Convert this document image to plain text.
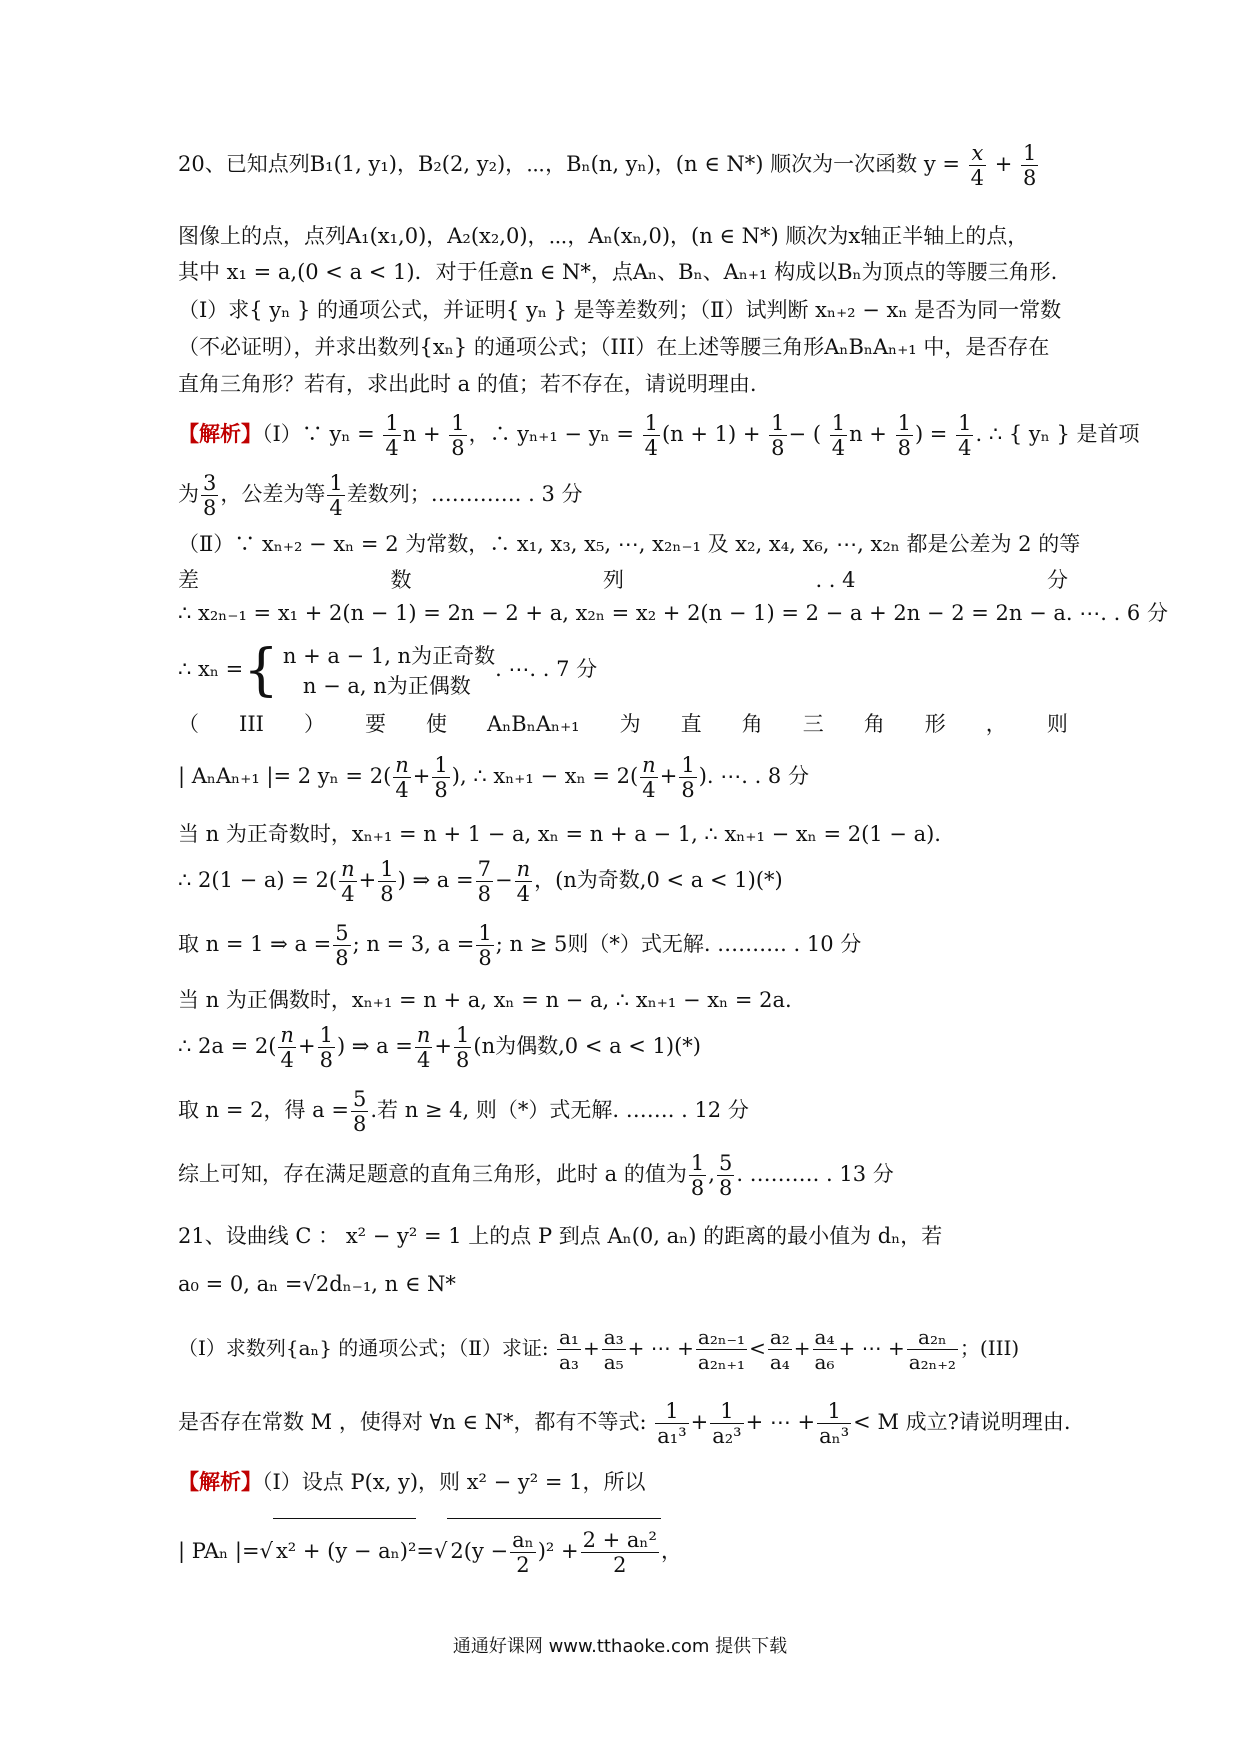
20、已知点列B₁(1, y₁)，B₂(2, y₂)，⋯，Bₙ(n, yₙ)，(n ∈ N*) 顺次为一次函数 $y = \frac{x}{4} + \frac{1}{8}$
图像上的点，点列A₁(x₁,0)，A₂(x₂,0)，⋯，Aₙ(xₙ,0)，(n ∈ N*) 顺次为x轴正半轴上的点，
其中 x₁ = a,(0 < a < 1)．对于任意n ∈ N*，点Aₙ、Bₙ、Aₙ₊₁ 构成以Bₙ为顶点的等腰三角形.
（Ⅰ）求{ yₙ } 的通项公式，并证明{ yₙ } 是等差数列；（Ⅱ）试判断 xₙ₊₂ − xₙ 是否为同一常数
（不必证明），并求出数列{xₙ} 的通项公式；（III）在上述等腰三角形AₙBₙAₙ₊₁ 中，是否存在
直角三角形？若有，求出此时 a 的值；若不存在，请说明理由.
【解析】（Ⅰ）∵ $y_n = \frac{1}{4}$ $n + \frac{1}{8}$ ，∴ $y_{n+1} - y_n = \frac{1}{4} (n + 1) + \frac{1}{8}$ − ( $\frac{1}{4}$ $n + \frac{1}{8}$ ) = $\frac{1}{4}$ . ∴ { yₙ } 是首项
为 $\frac{3}{8}$ ，公差为等 $\frac{1}{4}$ 差数列；…………. . 3 分
（Ⅱ）∵ xₙ₊₂ − xₙ = 2 为常数，∴ x₁, x₃, x₅, ⋯, x₂ₙ₋₁ 及 x₂, x₄, x₆, ⋯, x₂ₙ 都是公差为 2 的等
差	数	列	. . 4	分
∴ x₂ₙ₋₁ = x₁ + 2(n − 1) = 2n − 2 + a, x₂ₙ = x₂ + 2(n − 1) = 2 − a + 2n − 2 = 2n − a. ⋯. . 6 分
∴ xₙ ={ n + a − 1, n为正奇数
n − a, n为正偶数
. ⋯. . 7 分
（ III ） 要 使 AₙBₙAₙ₊₁ 为 直 角 三 角 形 ， 则
| AₙAₙ₊₁ |= 2 $y_n = 2( \frac{n}{4} + \frac{1}{8}$ ), ∴ $x_{n+1} - x_n = 2( \frac{n}{4} + \frac{1}{8}$ ). ⋯. . 8 分
当 n 为正奇数时，xₙ₊₁ = n + 1 − a, xₙ = n + a − 1, ∴ xₙ₊₁ − xₙ = 2(1 − a).
∴ $2(1 - a) = 2( \frac{n}{4} + \frac{1}{8}$ ) ⇒ $a = \frac{7}{8} - \frac{n}{4}$ ，(n为奇数,0 < a < 1)(*)
取 n = 1 ⇒ $a = \frac{5}{8}$ ; n = 3, $a = \frac{1}{8}$ ; n ≥ 5则（*）式无解. ………. . 10 分
当 n 为正偶数时，xₙ₊₁ = n + a, xₙ = n − a, ∴ xₙ₊₁ − xₙ = 2a.
∴ $2a = 2( \frac{n}{4} + \frac{1}{8}$ ) ⇒ $a = \frac{n}{4} + \frac{1}{8} (n$为偶数,0 < a < 1)(*)
取 n = 2，得 $a = \frac{5}{8}$ .若 n ≥ 4, 则（*）式无解. ……. . 12 分
综上可知，存在满足题意的直角三角形，此时 a 的值为 $\frac{1}{8}$ , $\frac{5}{8}$ . ………. . 13 分
21、设曲线 C ： x² − y² = 1 上的点 P 到点 Aₙ(0, aₙ) 的距离的最小值为 dₙ，若
a₀ = 0, aₙ =√2dₙ₋₁, n ∈ N*
（Ⅰ）求数列{aₙ} 的通项公式；（Ⅱ）求证: $\frac{\text{a₁}}{\text{a₃}} + \frac{\text{a₃}}{\text{a₅}}$ + ⋯ + $\frac{\text{a₂ₙ₋₁}}{\text{a₂ₙ₊₁}} < \frac{\text{a₂}}{\text{a₄}} + \frac{\text{a₄}}{\text{a₆}}$ + ⋯ + $\frac{\text{a₂ₙ}}{\text{a₂ₙ₊₂}}$ ；(III)
是否存在常数 M ，使得对 ∀n ∈ N*，都有不等式: $\frac{1}{\text{a₁³}} + \frac{1}{\text{a₂³}}$ + ⋯ + $\frac{1}{\text{aₙ³}} < M$ 成立?请说明理由.
【解析】（Ⅰ）设点 P(x, y)，则 x² − y² = 1，所以
| PAₙ |=√ x² + (y − aₙ)²=√ $2(y - \frac{\text{aₙ}}{2} )^2 + \frac{\text{2 + aₙ²}}{2}$ ，
通通好课网 www.tthaoke.com 提供下载
